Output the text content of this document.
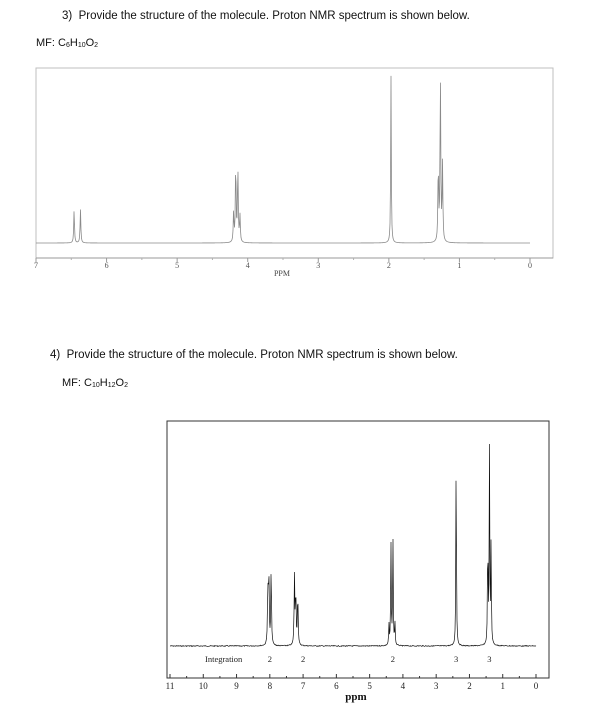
3)  Provide the structure of the molecule. Proton NMR spectrum is shown below.
MF: $C_6H_{10}O_2$
PPM
7	6	5	4	3	2	1	0
4)  Provide the structure of the molecule. Proton NMR spectrum is shown below.
MF: $C_{10}H_{12}O_2$
Integration
ppm
11	10	9	8	7	6	5	4	3	2	1	0
2	2	2	3	3
